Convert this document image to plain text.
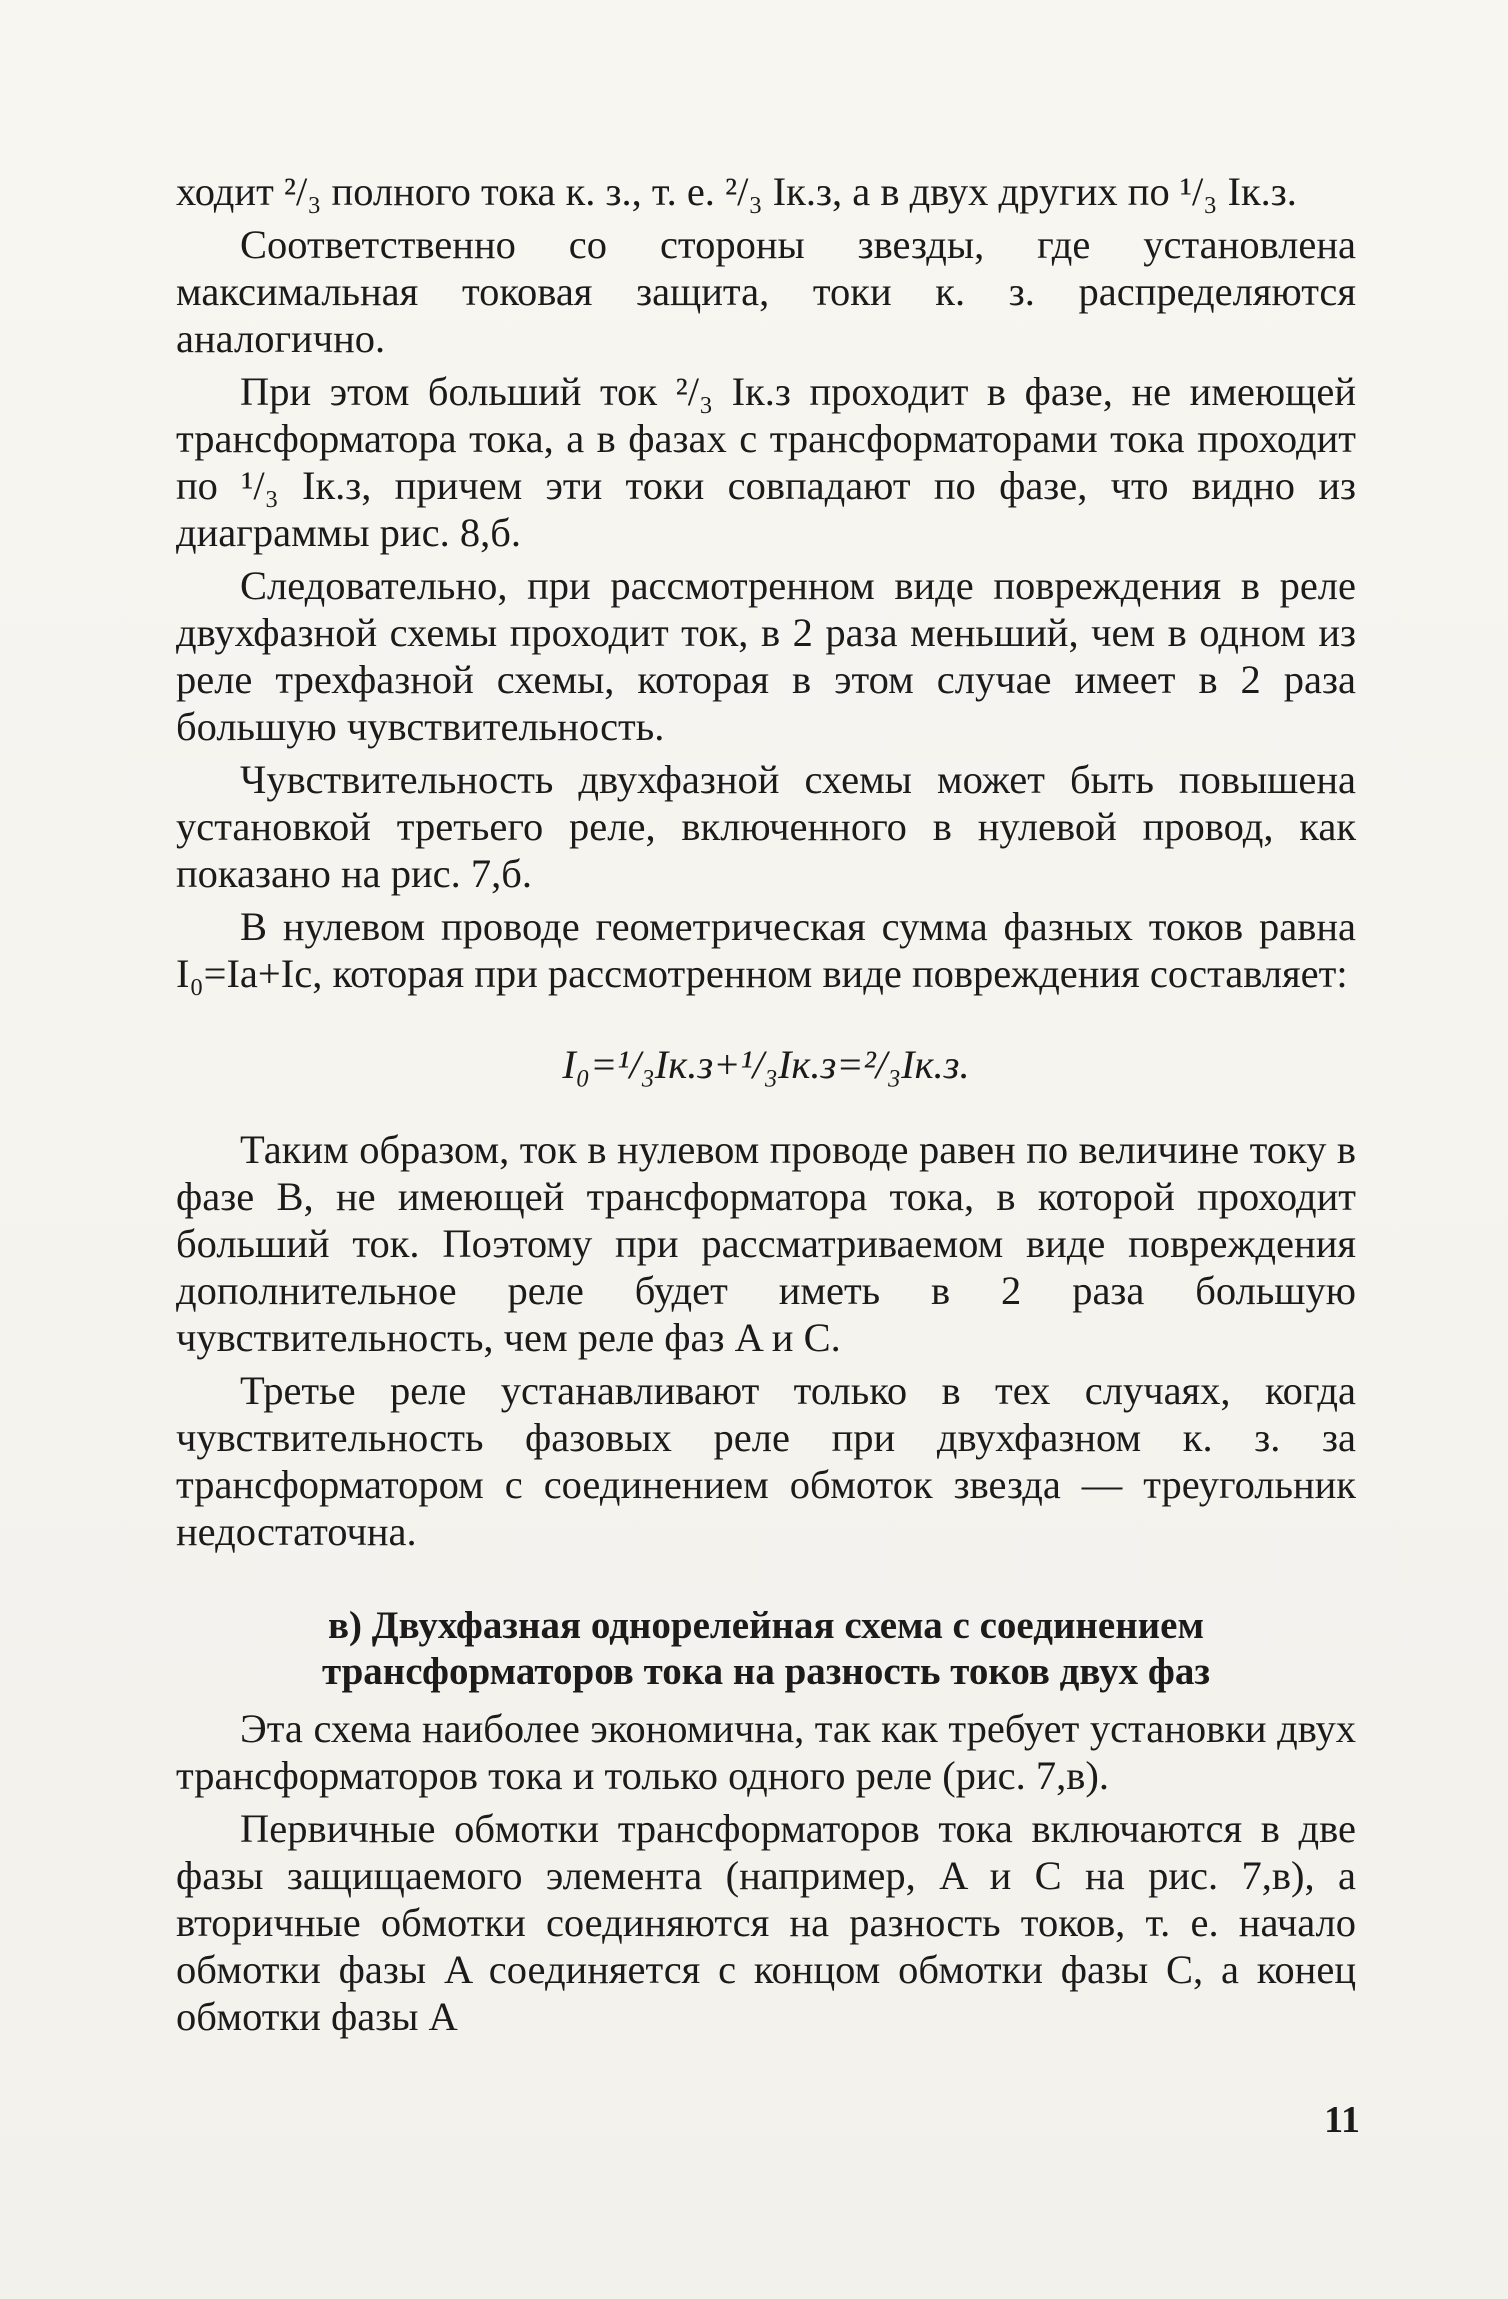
ходит ²/₃ полного тока к. з., т. е. ²/₃ Iк.з, а в двух других по ¹/₃ Iк.з.

Соответственно со стороны звезды, где установлена максимальная токовая защита, токи к. з. распределяются аналогично.

При этом больший ток ²/₃ Iк.з проходит в фазе, не имеющей трансформатора тока, а в фазах с трансформаторами тока проходит по ¹/₃ Iк.з, причем эти токи совпадают по фазе, что видно из диаграммы рис. 8,б.

Следовательно, при рассмотренном виде повреждения в реле двухфазной схемы проходит ток, в 2 раза меньший, чем в одном из реле трехфазной схемы, которая в этом случае имеет в 2 раза большую чувствительность.

Чувствительность двухфазной схемы может быть повышена установкой третьего реле, включенного в нулевой провод, как показано на рис. 7,б.

В нулевом проводе геометрическая сумма фазных токов равна I₀=Ia+Ic, которая при рассмотренном виде повреждения составляет:

I₀=¹/₃Iк.з+¹/₃Iк.з=²/₃Iк.з.

Таким образом, ток в нулевом проводе равен по величине току в фазе B, не имеющей трансформатора тока, в которой проходит больший ток. Поэтому при рассматриваемом виде повреждения дополнительное реле будет иметь в 2 раза большую чувствительность, чем реле фаз A и C.

Третье реле устанавливают только в тех случаях, когда чувствительность фазовых реле при двухфазном к. з. за трансформатором с соединением обмоток звезда — треугольник недостаточна.

в) Двухфазная однорелейная схема с соединением трансформаторов тока на разность токов двух фаз

Эта схема наиболее экономична, так как требует установки двух трансформаторов тока и только одного реле (рис. 7,в).

Первичные обмотки трансформаторов тока включаются в две фазы защищаемого элемента (например, A и C на рис. 7,в), а вторичные обмотки соединяются на разность токов, т. е. начало обмотки фазы A соединяется с концом обмотки фазы C, а конец обмотки фазы A

11
